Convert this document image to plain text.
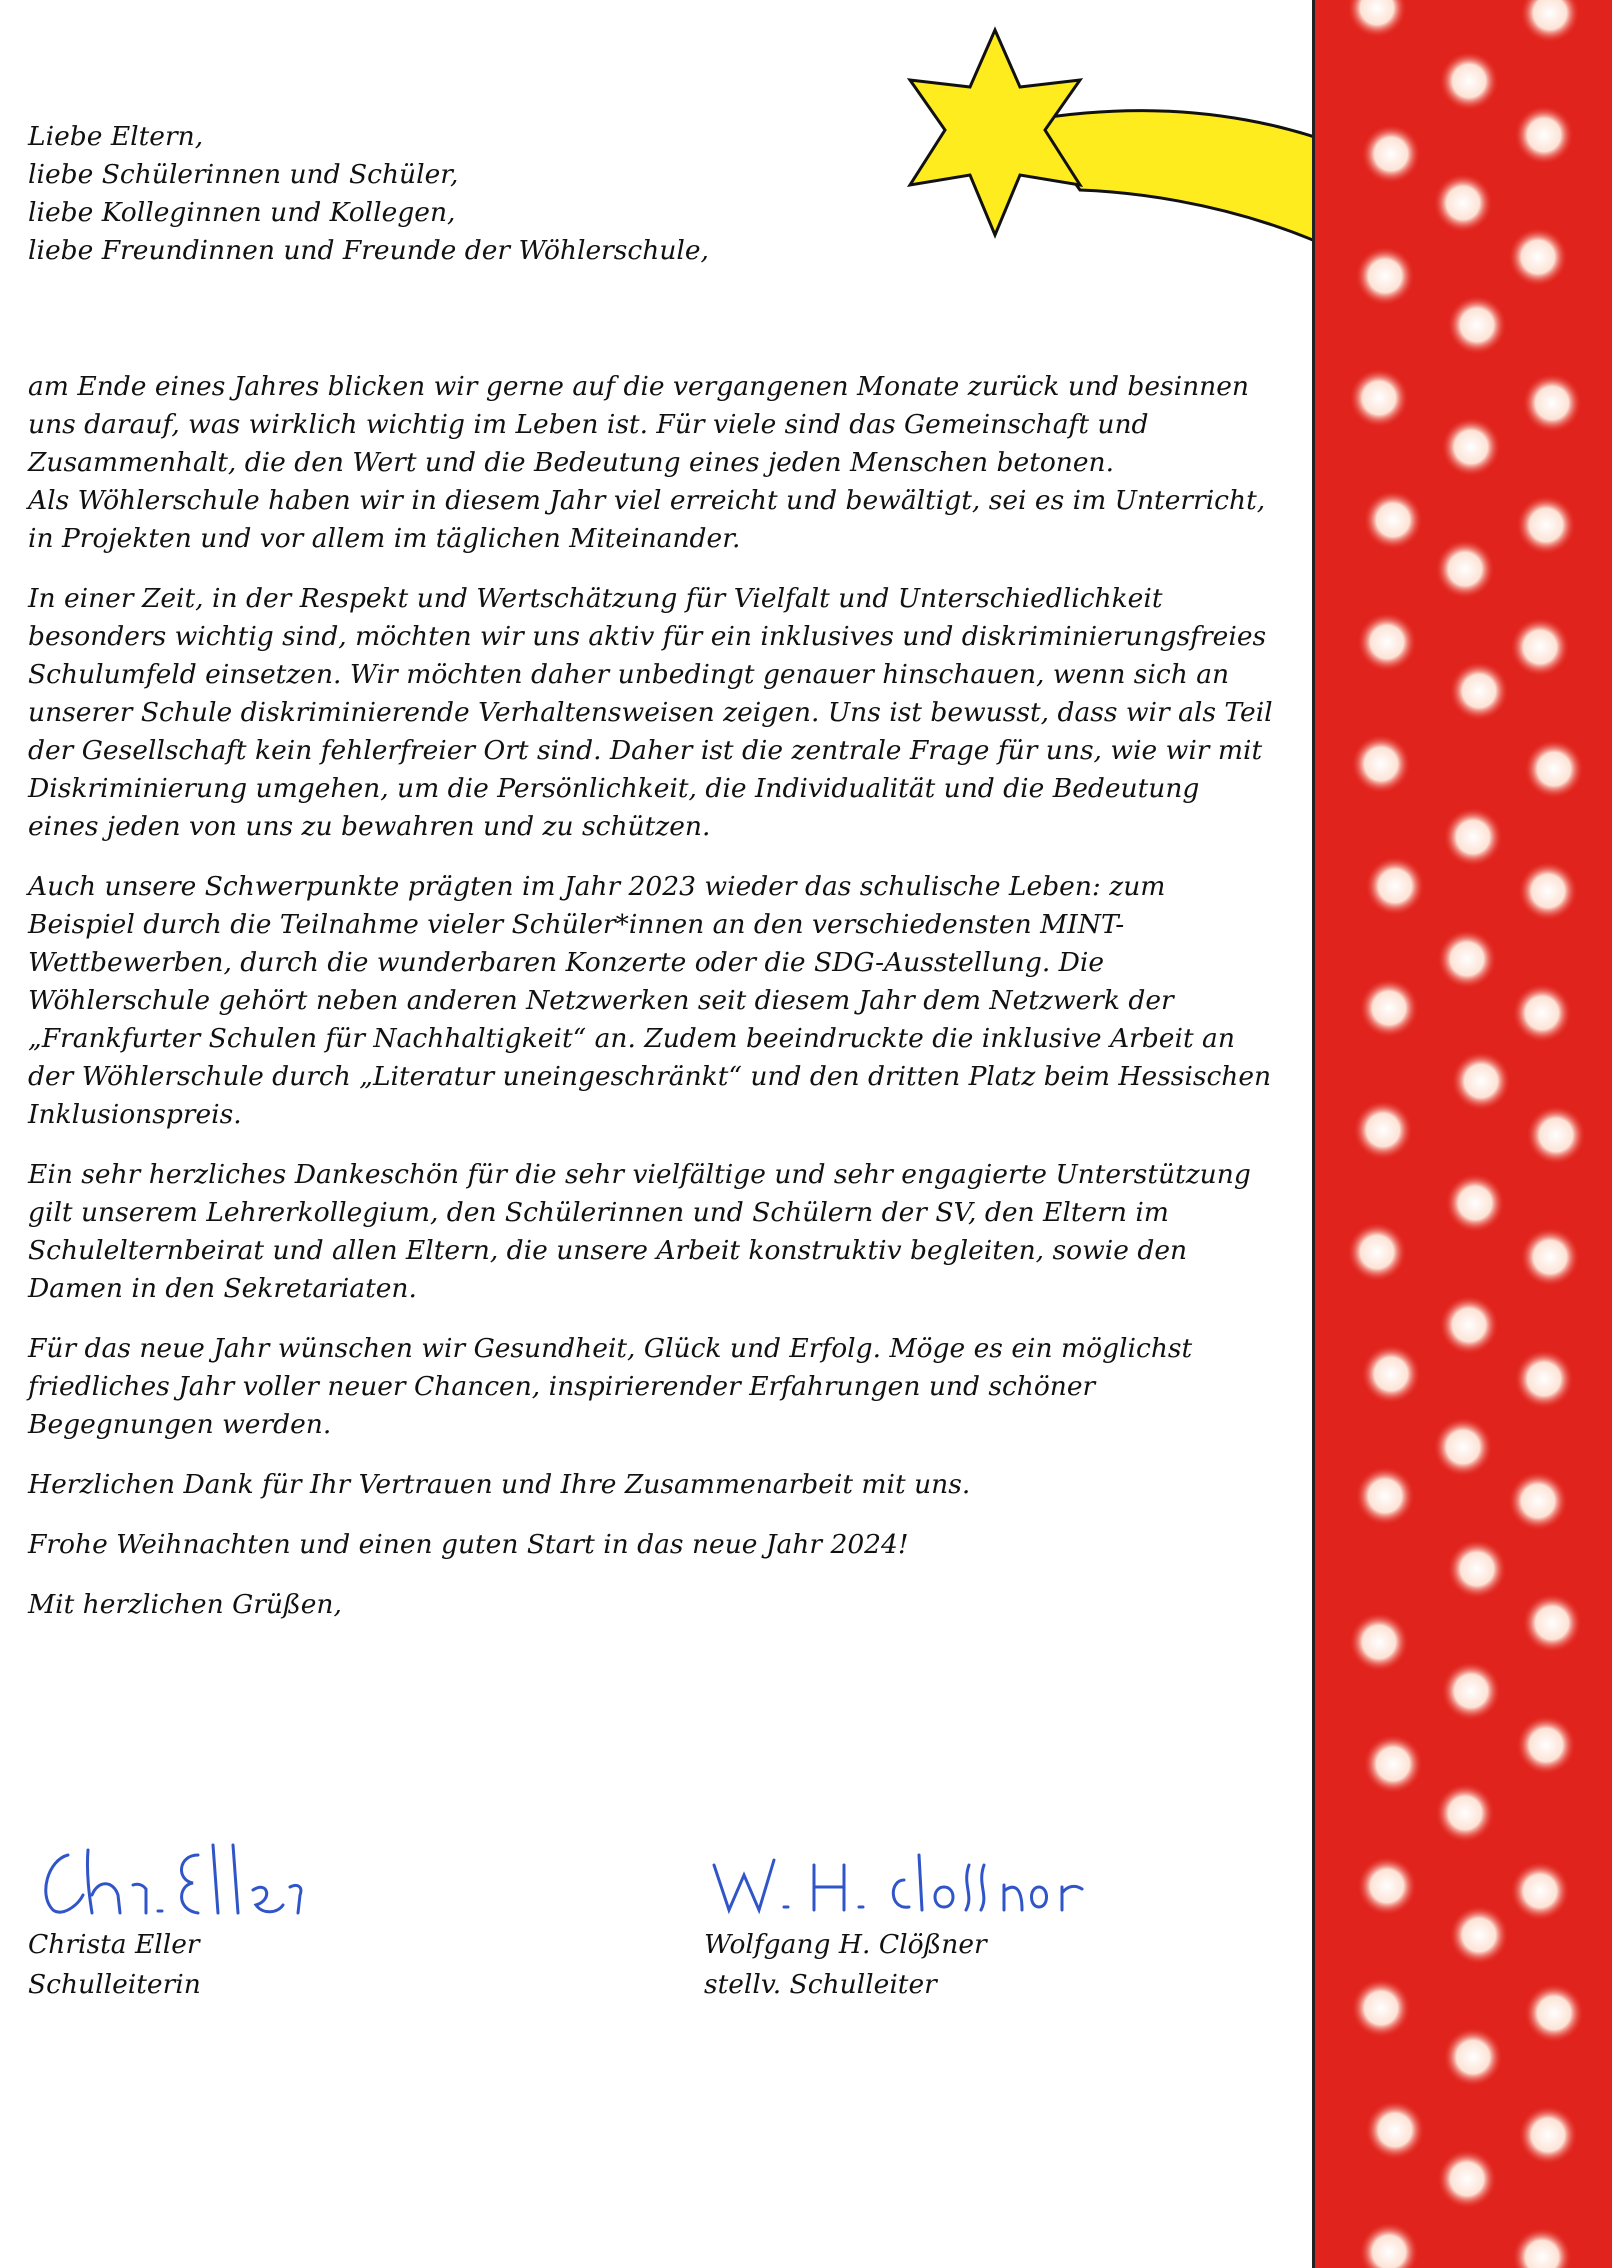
Liebe Eltern,

liebe Schülerinnen und Schüler,

liebe Kolleginnen und Kollegen,

liebe Freundinnen und Freunde der Wöhlerschule,

am Ende eines Jahres blicken wir gerne auf die vergangenen Monate zurück und besinnen uns darauf, was wirklich wichtig im Leben ist. Für viele sind das Gemeinschaft und Zusammenhalt, die den Wert und die Bedeutung eines jeden Menschen betonen.

Als Wöhlerschule haben wir in diesem Jahr viel erreicht und bewältigt, sei es im Unterricht, in Projekten und vor allem im täglichen Miteinander.

In einer Zeit, in der Respekt und Wertschätzung für Vielfalt und Unterschiedlichkeit besonders wichtig sind, möchten wir uns aktiv für ein inklusives und diskriminierungsfreies Schulumfeld einsetzen. Wir möchten daher unbedingt genauer hinschauen, wenn sich an unserer Schule diskriminierende Verhaltensweisen zeigen. Uns ist bewusst, dass wir als Teil der Gesellschaft kein fehlerfreier Ort sind. Daher ist die zentrale Frage für uns, wie wir mit Diskriminierung umgehen, um die Persönlichkeit, die Individualität und die Bedeutung eines jeden von uns zu bewahren und zu schützen.

Auch unsere Schwerpunkte prägten im Jahr 2023 wieder das schulische Leben: zum Beispiel durch die Teilnahme vieler Schüler*innen an den verschiedensten MINT-Wettbewerben, durch die wunderbaren Konzerte oder die SDG-Ausstellung. Die Wöhlerschule gehört neben anderen Netzwerken seit diesem Jahr dem Netzwerk der „Frankfurter Schulen für Nachhaltigkeit“ an. Zudem beeindruckte die inklusive Arbeit an der Wöhlerschule durch „Literatur uneingeschränkt“ und den dritten Platz beim Hessischen Inklusionspreis.

Ein sehr herzliches Dankeschön für die sehr vielfältige und sehr engagierte Unterstützung gilt unserem Lehrerkollegium, den Schülerinnen und Schülern der SV, den Eltern im Schulelternbeirat und allen Eltern, die unsere Arbeit konstruktiv begleiten, sowie den Damen in den Sekretariaten.

Für das neue Jahr wünschen wir Gesundheit, Glück und Erfolg. Möge es ein möglichst friedliches Jahr voller neuer Chancen, inspirierender Erfahrungen und schöner Begegnungen werden.

Herzlichen Dank für Ihr Vertrauen und Ihre Zusammenarbeit mit uns.

Frohe Weihnachten und einen guten Start in das neue Jahr 2024!

Mit herzlichen Grüßen,

Christa Eller

Schulleiterin

Wolfgang H. Clößner

stellv. Schulleiter
